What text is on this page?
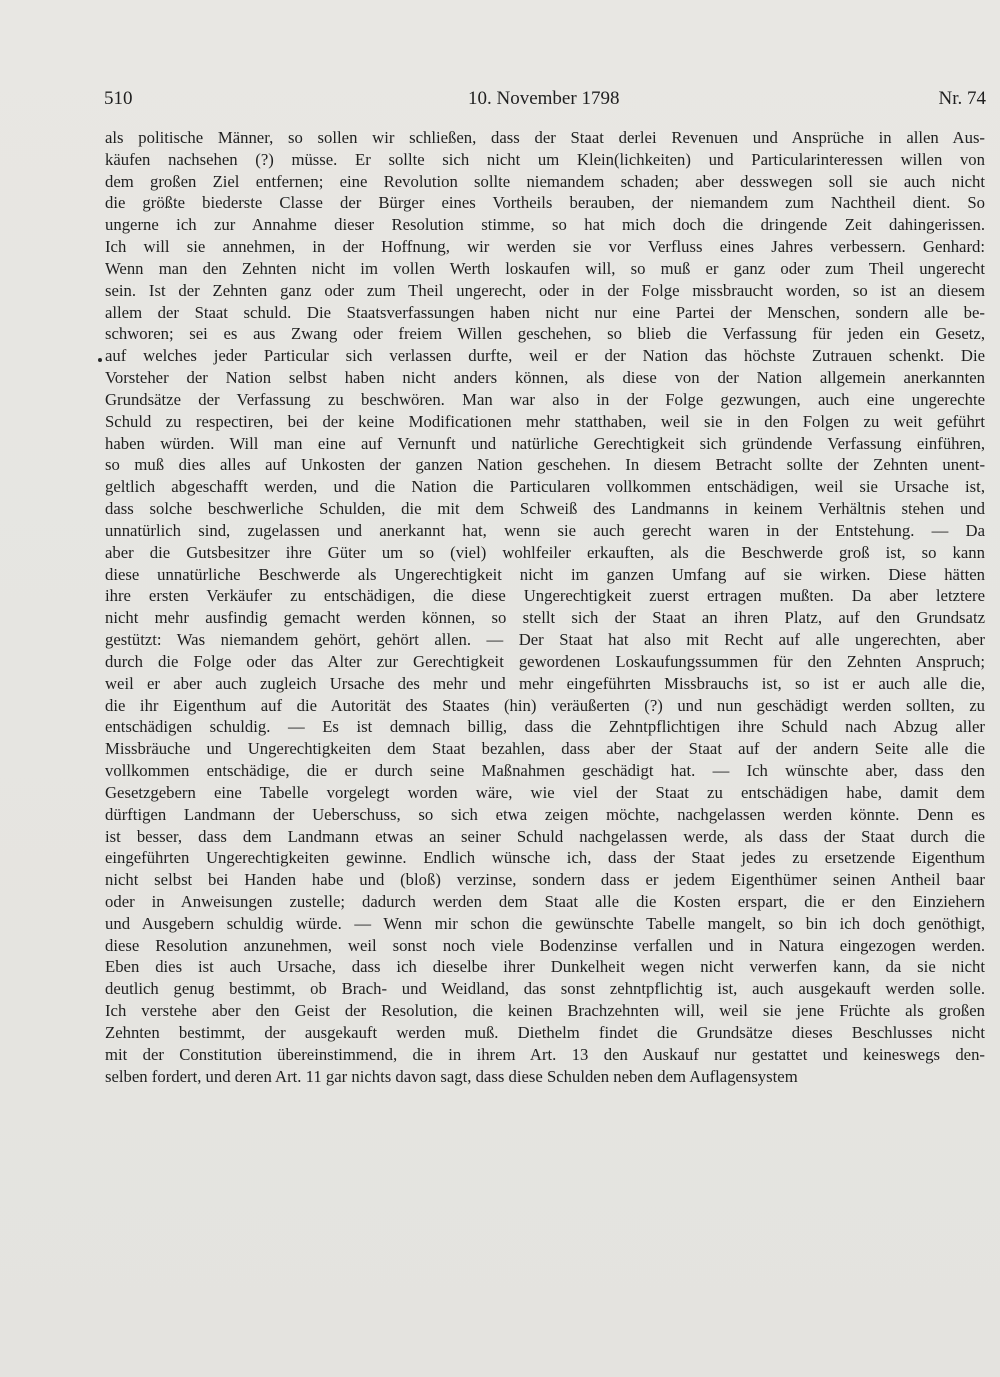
510	10. November 1798	Nr. 74
als politische Männer, so sollen wir schließen, dass der Staat derlei Revenuen und Ansprüche in allen Aus-
käufen nachsehen (?) müsse. Er sollte sich nicht um Klein(lichkeiten) und Particularinteressen willen von
dem großen Ziel entfernen; eine Revolution sollte niemandem schaden; aber desswegen soll sie auch nicht
die größte biederste Classe der Bürger eines Vortheils berauben, der niemandem zum Nachtheil dient. So
ungerne ich zur Annahme dieser Resolution stimme, so hat mich doch die dringende Zeit dahingerissen.
Ich will sie annehmen, in der Hoffnung, wir werden sie vor Verfluss eines Jahres verbessern. Genhard:
Wenn man den Zehnten nicht im vollen Werth loskaufen will, so muß er ganz oder zum Theil ungerecht
sein. Ist der Zehnten ganz oder zum Theil ungerecht, oder in der Folge missbraucht worden, so ist an diesem
allem der Staat schuld. Die Staatsverfassungen haben nicht nur eine Partei der Menschen, sondern alle be-
schworen; sei es aus Zwang oder freiem Willen geschehen, so blieb die Verfassung für jeden ein Gesetz,
auf welches jeder Particular sich verlassen durfte, weil er der Nation das höchste Zutrauen schenkt. Die
Vorsteher der Nation selbst haben nicht anders können, als diese von der Nation allgemein anerkannten
Grundsätze der Verfassung zu beschwören. Man war also in der Folge gezwungen, auch eine ungerechte
Schuld zu respectiren, bei der keine Modificationen mehr statthaben, weil sie in den Folgen zu weit geführt
haben würden. Will man eine auf Vernunft und natürliche Gerechtigkeit sich gründende Verfassung einführen,
so muß dies alles auf Unkosten der ganzen Nation geschehen. In diesem Betracht sollte der Zehnten unent-
geltlich abgeschafft werden, und die Nation die Particularen vollkommen entschädigen, weil sie Ursache ist,
dass solche beschwerliche Schulden, die mit dem Schweiß des Landmanns in keinem Verhältnis stehen und
unnatürlich sind, zugelassen und anerkannt hat, wenn sie auch gerecht waren in der Entstehung. — Da
aber die Gutsbesitzer ihre Güter um so (viel) wohlfeiler erkauften, als die Beschwerde groß ist, so kann
diese unnatürliche Beschwerde als Ungerechtigkeit nicht im ganzen Umfang auf sie wirken. Diese hätten
ihre ersten Verkäufer zu entschädigen, die diese Ungerechtigkeit zuerst ertragen mußten. Da aber letztere
nicht mehr ausfindig gemacht werden können, so stellt sich der Staat an ihren Platz, auf den Grundsatz
gestützt: Was niemandem gehört, gehört allen. — Der Staat hat also mit Recht auf alle ungerechten, aber
durch die Folge oder das Alter zur Gerechtigkeit gewordenen Loskaufungssummen für den Zehnten Anspruch;
weil er aber auch zugleich Ursache des mehr und mehr eingeführten Missbrauchs ist, so ist er auch alle die,
die ihr Eigenthum auf die Autorität des Staates (hin) veräußerten (?) und nun geschädigt werden sollten, zu
entschädigen schuldig. — Es ist demnach billig, dass die Zehntpflichtigen ihre Schuld nach Abzug aller
Missbräuche und Ungerechtigkeiten dem Staat bezahlen, dass aber der Staat auf der andern Seite alle die
vollkommen entschädige, die er durch seine Maßnahmen geschädigt hat. — Ich wünschte aber, dass den
Gesetzgebern eine Tabelle vorgelegt worden wäre, wie viel der Staat zu entschädigen habe, damit dem
dürftigen Landmann der Ueberschuss, so sich etwa zeigen möchte, nachgelassen werden könnte. Denn es
ist besser, dass dem Landmann etwas an seiner Schuld nachgelassen werde, als dass der Staat durch die
eingeführten Ungerechtigkeiten gewinne. Endlich wünsche ich, dass der Staat jedes zu ersetzende Eigenthum
nicht selbst bei Handen habe und (bloß) verzinse, sondern dass er jedem Eigenthümer seinen Antheil baar
oder in Anweisungen zustelle; dadurch werden dem Staat alle die Kosten erspart, die er den Einziehern
und Ausgebern schuldig würde. — Wenn mir schon die gewünschte Tabelle mangelt, so bin ich doch genöthigt,
diese Resolution anzunehmen, weil sonst noch viele Bodenzinse verfallen und in Natura eingezogen werden.
Eben dies ist auch Ursache, dass ich dieselbe ihrer Dunkelheit wegen nicht verwerfen kann, da sie nicht
deutlich genug bestimmt, ob Brach- und Weidland, das sonst zehntpflichtig ist, auch ausgekauft werden solle.
Ich verstehe aber den Geist der Resolution, die keinen Brachzehnten will, weil sie jene Früchte als großen
Zehnten bestimmt, der ausgekauft werden muß. Diethelm findet die Grundsätze dieses Beschlusses nicht
mit der Constitution übereinstimmend, die in ihrem Art. 13 den Auskauf nur gestattet und keineswegs den-
selben fordert, und deren Art. 11 gar nichts davon sagt, dass diese Schulden neben dem Auflagensystem
